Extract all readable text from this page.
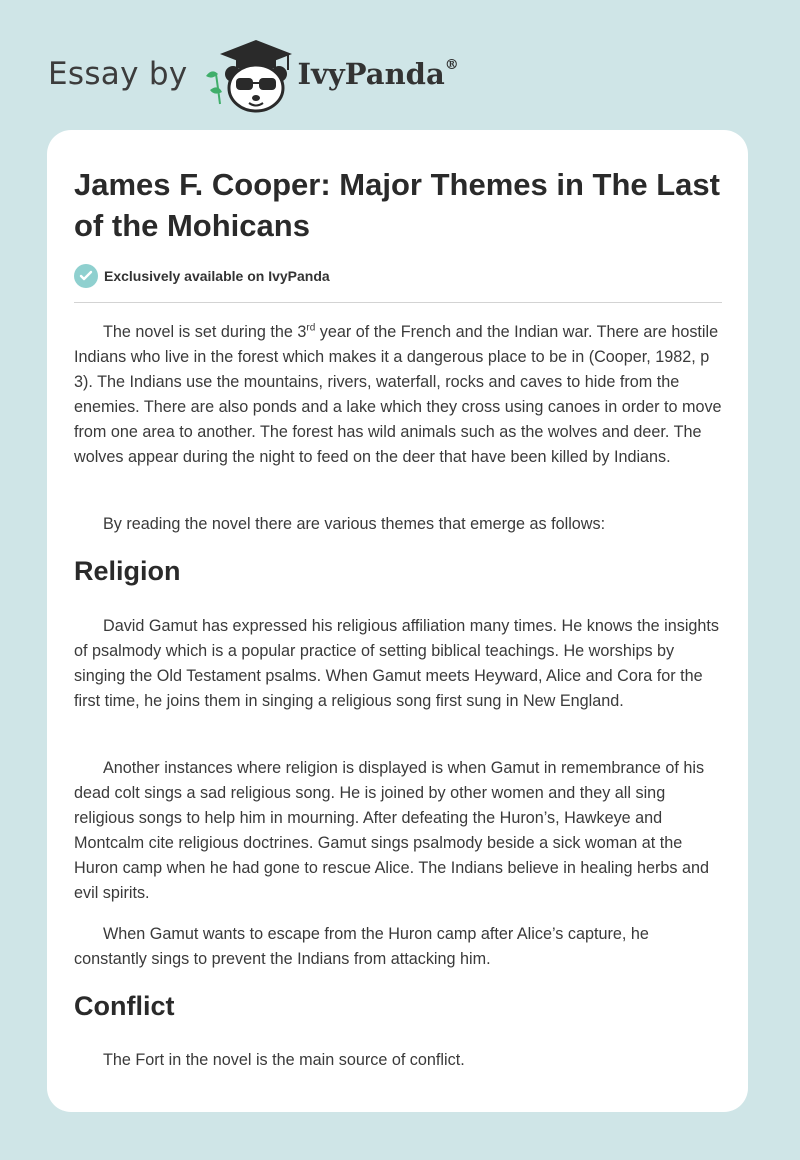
Essay by	IvyPanda®
James F. Cooper: Major Themes in The Last of the Mohicans
Exclusively available on IvyPanda

The novel is set during the 3rd year of the French and the Indian war. There are hostile Indians who live in the forest which makes it a dangerous place to be in (Cooper, 1982, p 3). The Indians use the mountains, rivers, waterfall, rocks and caves to hide from the enemies. There are also ponds and a lake which they cross using canoes in order to move from one area to another. The forest has wild animals such as the wolves and deer. The wolves appear during the night to feed on the deer that have been killed by Indians.

By reading the novel there are various themes that emerge as follows:

Religion

David Gamut has expressed his religious affiliation many times. He knows the insights of psalmody which is a popular practice of setting biblical teachings. He worships by singing the Old Testament psalms. When Gamut meets Heyward, Alice and Cora for the first time, he joins them in singing a religious song first sung in New England.

Another instances where religion is displayed is when Gamut in remembrance of his dead colt sings a sad religious song. He is joined by other women and they all sing religious songs to help him in mourning. After defeating the Huron’s, Hawkeye and Montcalm cite religious doctrines. Gamut sings psalmody beside a sick woman at the Huron camp when he had gone to rescue Alice. The Indians believe in healing herbs and evil spirits.

When Gamut wants to escape from the Huron camp after Alice’s capture, he constantly sings to prevent the Indians from attacking him.

Conflict

The Fort in the novel is the main source of conflict.
